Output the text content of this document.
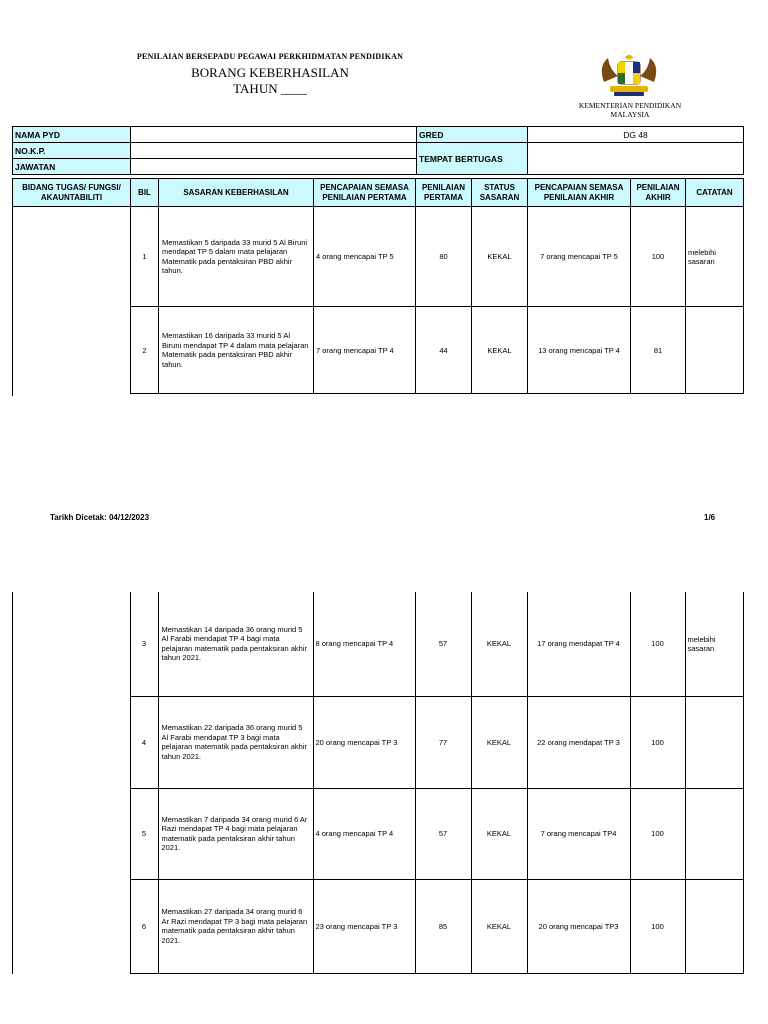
PENILAIAN BERSEPADU PEGAWAI PERKHIDMATAN PENDIDIKAN
BORANG KEBERHASILAN
TAHUN ____
KEMENTERIAN PENDIDIKAN
MALAYSIA
NAMA PYD		GRED	DG 48
NO.K.P.		TEMPAT BERTUGAS	
JAWATAN			
BIDANG TUGAS/ FUNGSI/ AKAUNTABILITI	BIL	SASARAN KEBERHASILAN	PENCAPAIAN SEMASA PENILAIAN PERTAMA	PENILAIAN PERTAMA	STATUS SASARAN	PENCAPAIAN SEMASA PENILAIAN AKHIR	PENILAIAN AKHIR	CATATAN
	1	Memastikan 5 daripada 33 murid 5 Al Biruni mendapat TP 5 dalam mata pelajaran Matematik pada pentaksiran PBD akhir tahun.	4 orang mencapai TP 5	80	KEKAL	7 orang mencapai TP 5	100	melebihi sasaran
	2	Memastikan 16 daripada 33 murid 5 Al Biruni mendapat TP 4 dalam mata pelajaran Matematik pada pentaksiran PBD akhir tahun.	7 orang mencapai TP 4	44	KEKAL	13 orang mencapai TP 4	81	
Tarikh Dicetak: 04/12/2023	1/6
	3	Memastikan 14 daripada 36 orang murid 5 Al Farabi mendapat TP 4 bagi mata pelajaran matematik pada pentaksiran akhir tahun 2021.	8 orang mencapai TP 4	57	KEKAL	17 orang mendapat TP 4	100	melebihi sasaran
	4	Memastikan 22 daripada 36 orang murid 5 Al Farabi mendapat TP 3 bagi mata pelajaran matematik pada pentaksiran akhir tahun 2021.	20 orang mencapai TP 3	77	KEKAL	22 orang mendapat TP 3	100	
	5	Memastikan 7 daripada 34 orang murid 6 Ar Razi mendapat TP 4 bagi mata pelajaran matematik pada pentaksiran akhir tahun 2021.	4 orang mencapai TP 4	57	KEKAL	7 orang mencapai TP4	100	
	6	Memastikan 27 daripada 34 orang murid 6 Ar Razi mendapat TP 3 bagi mata pelajaran matematik pada pentaksiran akhir tahun 2021.	23 orang mencapai TP 3	85	KEKAL	20 orang mencapai TP3	100	
